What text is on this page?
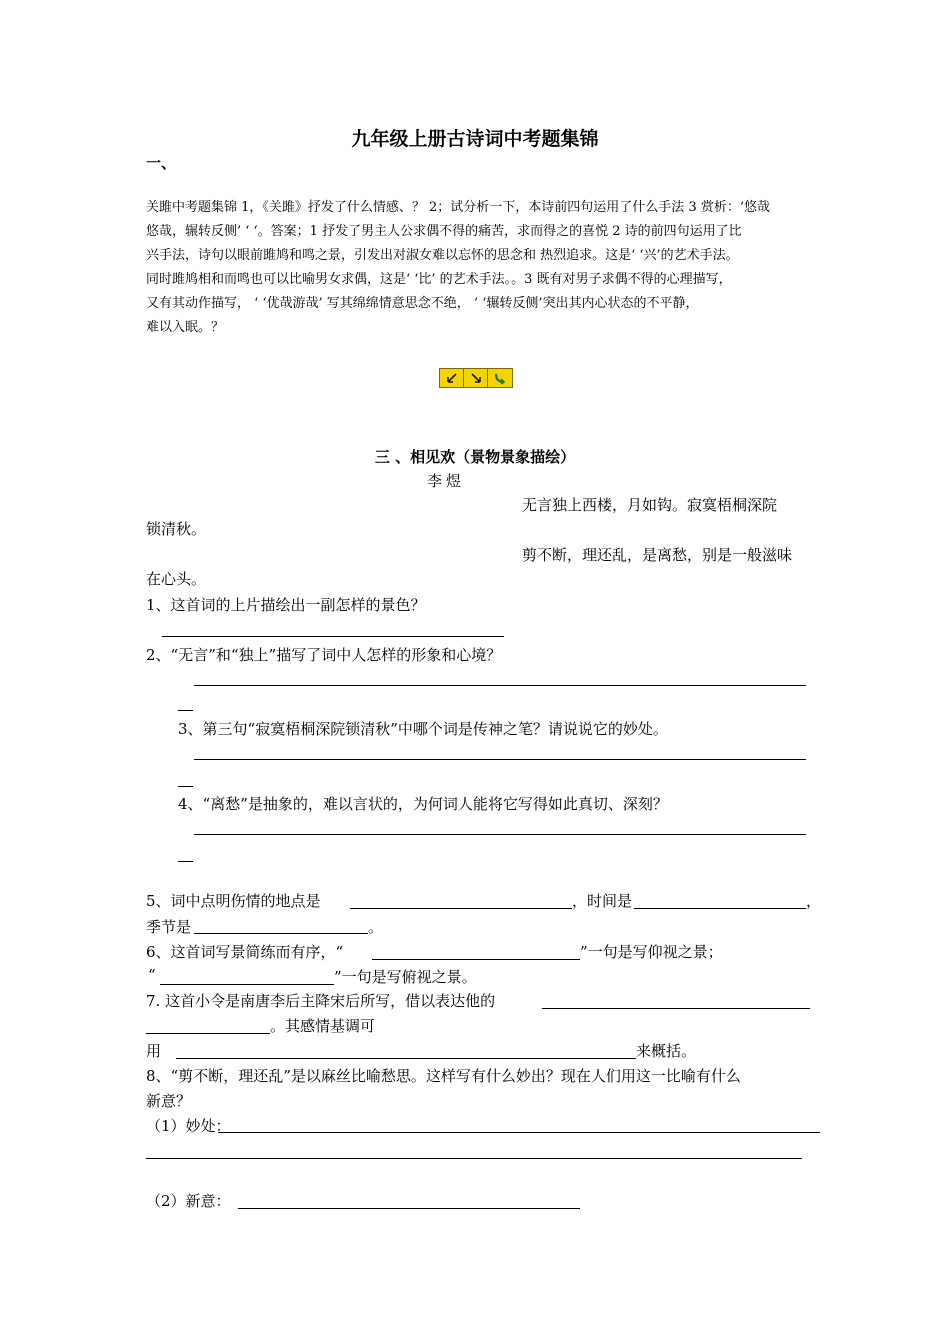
九年级上册古诗词中考题集锦
一、
关雎中考题集锦 1，《关雎》抒发了什么情感、？ 2；试分析一下，本诗前四句运用了什么手法 3 赏析：‘悠哉
悠哉，辗转反侧’ ‘ ‘。答案；1 抒发了男主人公求偶不得的痛苦，求而得之的喜悦 2 诗的前四句运用了比
兴手法，诗句以眼前雎鸠和鸣之景，引发出对淑女难以忘怀的思念和 热烈追求。这是‘ ‘兴’的艺术手法。
同时雎鸠相和而鸣也可以比喻男女求偶，这是‘ ‘比’ 的艺术手法。。3 既有对男子求偶不得的心理描写，
又有其动作描写， ‘ ‘优哉游哉’ 写其绵绵情意思念不绝， ‘ ‘辗转反侧’突出其内心状态的不平静，
难以入眠。？
三 、相见欢（景物景象描绘）
李煜
无言独上西楼，月如钩。寂寞梧桐深院
锁清秋。
剪不断，理还乱，是离愁，别是一般滋味
在心头。
1、这首词的上片描绘出一副怎样的景色？
2、“无言”和“独上”描写了词中人怎样的形象和心境？
3、第三句“寂寞梧桐深院锁清秋”中哪个词是传神之笔？请说说它的妙处。
4、“离愁”是抽象的，难以言状的，为何词人能将它写得如此真切、深刻？
5、词中点明伤情的地点是	，时间是	，
季节是	。
6、这首词写景简练而有序，“	”一句是写仰视之景；
“	”一句是写俯视之景。
7. 这首小令是南唐李后主降宋后所写，借以表达他的
。其感情基调可
用	来概括。
8、“剪不断，理还乱”是以麻丝比喻愁思。这样写有什么妙出？现在人们用这一比喻有什么
新意？
（1）妙处：
（2）新意：
